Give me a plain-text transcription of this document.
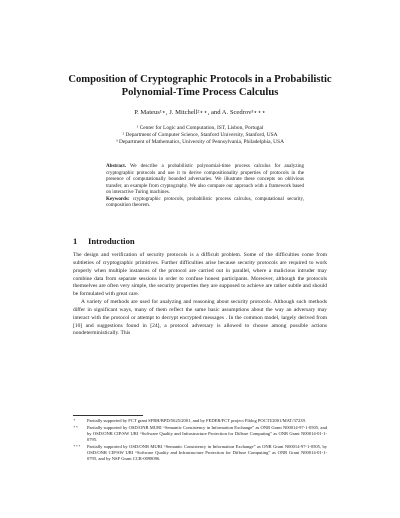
Composition of Cryptographic Protocols in a Probabilistic Polynomial-Time Process Calculus
P. Mateus¹⋆, J. Mitchell²⋆⋆, and A. Scedrov³⋆⋆⋆
¹ Center for Logic and Computation, IST, Lisbon, Portugal
² Department of Computer Science, Stanford University, Stanford, USA
³ Department of Mathematics, University of Pennsylvania, Philadelphia, USA

Abstract. We describe a probabilistic polynomial-time process calculus for analyzing cryptographic protocols and use it to derive compositionality properties of protocols in the presence of computationally bounded adversaries. We illustrate these concepts on oblivious transfer, an example from cryptography. We also compare our approach with a framework based on interactive Turing machines.

Keywords: cryptographic protocols, probabilistic process calculus, computational security, composition theorem.

1 Introduction

The design and verification of security protocols is a difficult problem. Some of the difficulties come from subtleties of cryptographic primitives. Further difficulties arise because security protocols are required to work properly when multiple instances of the protocol are carried out in parallel, where a malicious intruder may combine data from separate sessions in order to confuse honest participants. Moreover, although the protocols themselves are often very simple, the security properties they are supposed to achieve are rather subtle and should be formulated with great care.

A variety of methods are used for analyzing and reasoning about security protocols. Although such methods differ in significant ways, many of them reflect the same basic assumptions about the way an adversary may interact with the protocol or attempt to decrypt encrypted messages . In the common model, largely derived from [10] and suggestions found in [24], a protocol adversary is allowed to choose among possible actions nondeterministically. This

⋆	Partially supported by FCT grant SFRH/BPD/5625/2001, and by FEDER/FCT project Fiblog POCTI/2001/MAT/37239.
⋆⋆ Partially supported by OSD/ONR MURI “Semantic Consistency in Information Exchange” as ONR Grant N00014-97-1-0505, and by OSD/ONR CIP/SW URI “Software Quality and Infrastructure Protection for Diffuse Computing” as ONR Grant N00014-01-1-0795.
⋆⋆⋆ Partially supported by OSD/ONR MURI “Semantic Consistency in Information Exchange” as ONR Grant N00014-97-1-0505, by OSD/ONR CIP/SW URI “Software Quality and Infrastructure Protection for Diffuse Computing” as ONR Grant N00014-01-1-0795, and by NSF Grant CCR-0098096.
